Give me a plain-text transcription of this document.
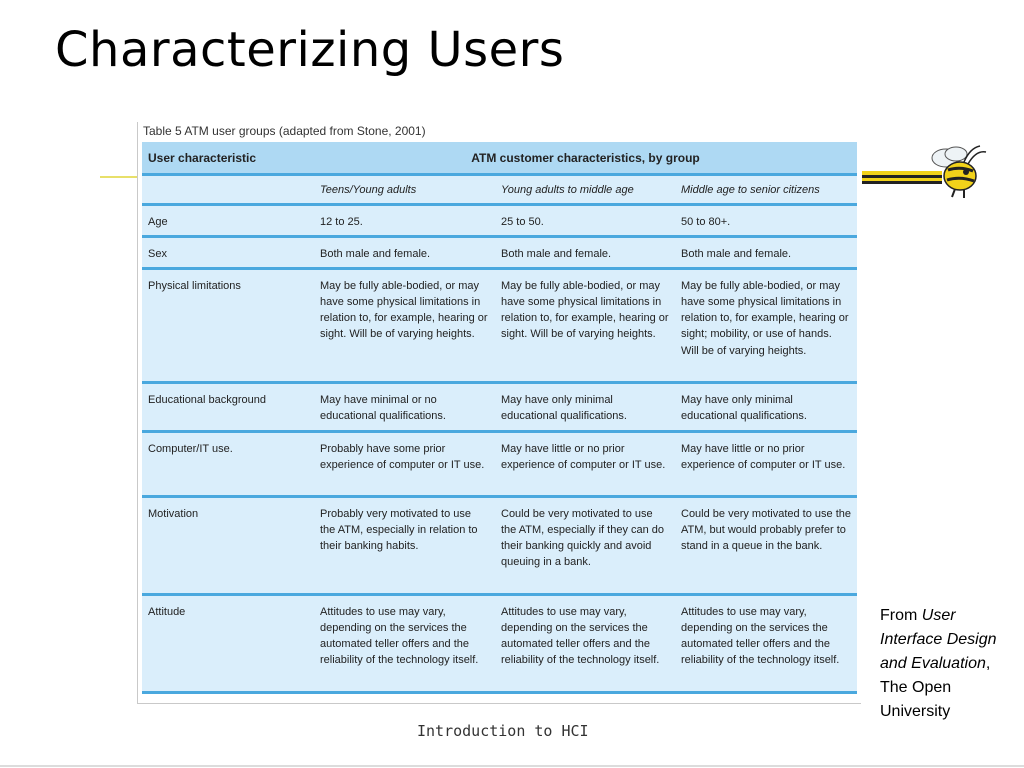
Characterizing Users
Table 5 ATM user groups (adapted from Stone, 2001)
User characteristic	ATM customer characteristics, by group		
	Teens/Young adults	Young adults to middle age	Middle age to senior citizens
Age	12 to 25.	25 to 50.	50 to 80+.
Sex	Both male and female.	Both male and female.	Both male and female.
Physical limitations	May be fully able-bodied, or may have some physical limitations in relation to, for example, hearing or sight. Will be of varying heights.	May be fully able-bodied, or may have some physical limitations in relation to, for example, hearing or sight. Will be of varying heights.	May be fully able-bodied, or may have some physical limitations in relation to, for example, hearing or sight; mobility, or use of hands. Will be of varying heights.
Educational background	May have minimal or no educational qualifications.	May have only minimal educational qualifications.	May have only minimal educational qualifications.
Computer/IT use.	Probably have some prior experience of computer or IT use.	May have little or no prior experience of computer or IT use.	May have little or no prior experience of computer or IT use.
Motivation	Probably very motivated to use the ATM, especially in relation to their banking habits.	Could be very motivated to use the ATM, especially if they can do their banking quickly and avoid queuing in a bank.	Could be very motivated to use the ATM, but would probably prefer to stand in a queue in the bank.
Attitude	Attitudes to use may vary, depending on the services the automated teller offers and the reliability of the technology itself.	Attitudes to use may vary, depending on the services the automated teller offers and the reliability of the technology itself.	Attitudes to use may vary, depending on the services the automated teller offers and the reliability of the technology itself.
From User Interface Design and Evaluation,
The Open University
Introduction to HCI
